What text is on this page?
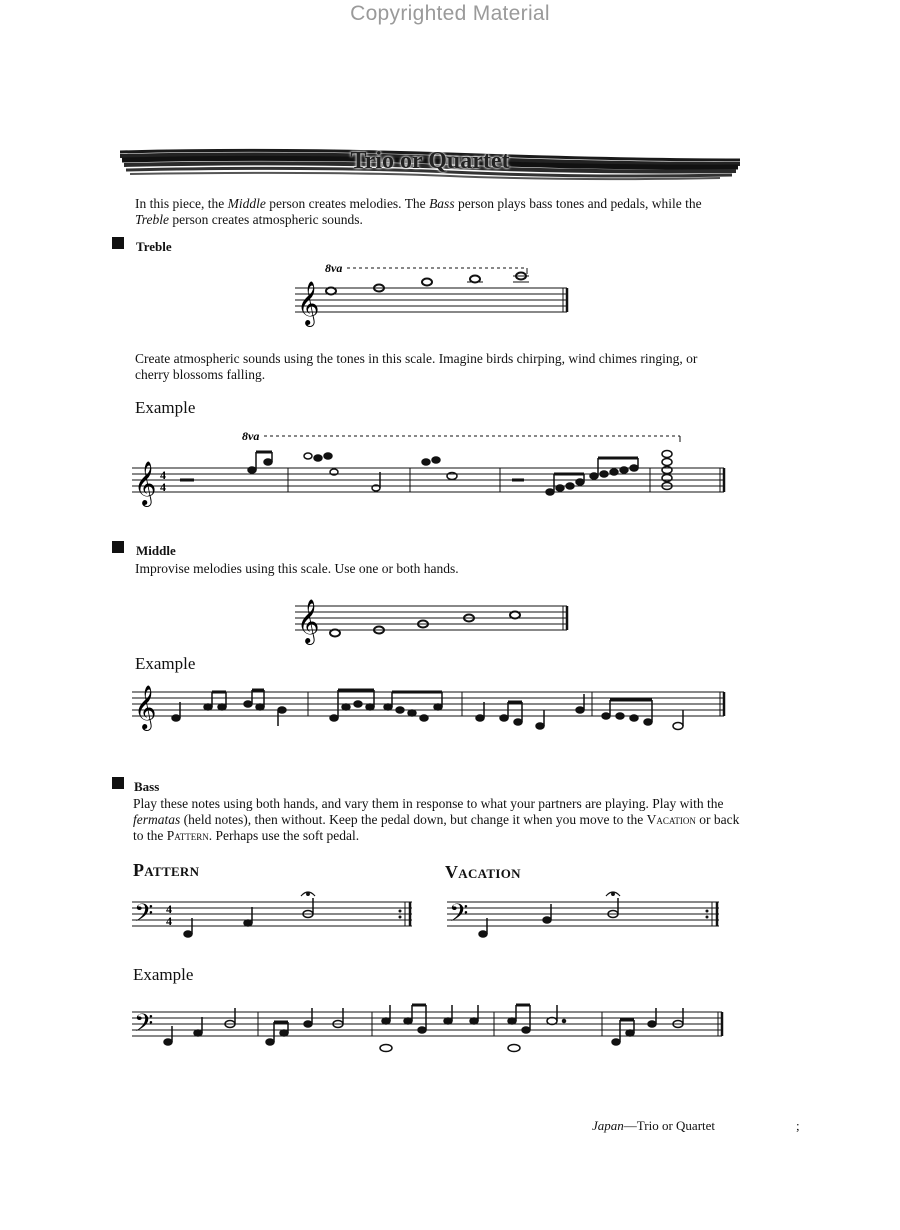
Copyrighted Material
Trio or Quartet
In this piece, the Middle person creates melodies. The Bass person plays bass tones and pedals, while the Treble person creates atmospheric sounds.
Treble
8va
𝄞
Create atmospheric sounds using the tones in this scale. Imagine birds chirping, wind chimes ringing, or cherry blossoms falling.
Example
8va
𝄞 4
4
Middle
Improvise melodies using this scale. Use one or both hands.
𝄞
Example
𝄞
Bass
Play these notes using both hands, and vary them in response to what your partners are playing. Play with the fermatas (held notes), then without. Keep the pedal down, but change it when you move to the Vacation or back to the Pattern. Perhaps use the soft pedal.
Pattern	Vacation
𝄢 4
4	𝄢
Example
𝄢
Japan—Trio or Quartet	;
